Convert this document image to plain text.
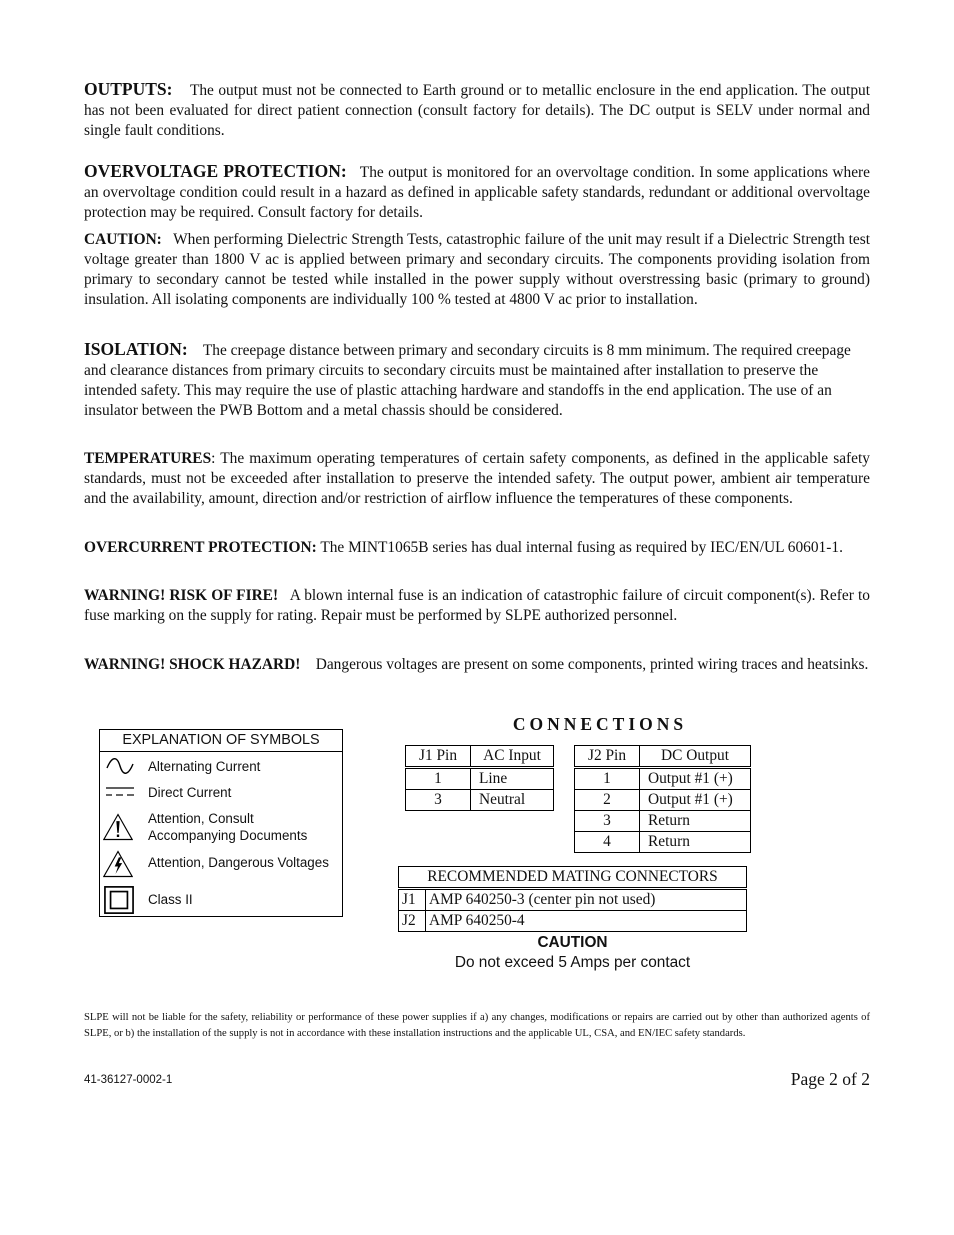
OUTPUTS: The output must not be connected to Earth ground or to metallic enclosure in the end application. The output has not been evaluated for direct patient connection (consult factory for details). The DC output is SELV under normal and single fault conditions.

OVERVOLTAGE PROTECTION: The output is monitored for an overvoltage condition. In some applications where an overvoltage condition could result in a hazard as defined in applicable safety standards, redundant or additional overvoltage protection may be required. Consult factory for details.

CAUTION: When performing Dielectric Strength Tests, catastrophic failure of the unit may result if a Dielectric Strength test voltage greater than 1800 V ac is applied between primary and secondary circuits. The components providing isolation from primary to secondary cannot be tested while installed in the power supply without overstressing basic (primary to ground) insulation. All isolating components are individually 100 % tested at 4800 V ac prior to installation.

ISOLATION: The creepage distance between primary and secondary circuits is 8 mm minimum. The required creepage and clearance distances from primary circuits to secondary circuits must be maintained after installation to preserve the intended safety. This may require the use of plastic attaching hardware and standoffs in the end application. The use of an insulator between the PWB Bottom and a metal chassis should be considered.

TEMPERATURES: The maximum operating temperatures of certain safety components, as defined in the applicable safety standards, must not be exceeded after installation to preserve the intended safety. The output power, ambient air temperature and the availability, amount, direction and/or restriction of airflow influence the temperatures of these components.

OVERCURRENT PROTECTION: The MINT1065B series has dual internal fusing as required by IEC/EN/UL 60601-1.

WARNING! RISK OF FIRE! A blown internal fuse is an indication of catastrophic failure of circuit component(s). Refer to fuse marking on the supply for rating. Repair must be performed by SLPE authorized personnel.

WARNING! SHOCK HAZARD! Dangerous voltages are present on some components, printed wiring traces and heatsinks.

EXPLANATION OF SYMBOLS
Alternating Current
Direct Current
Attention, Consult
Accompanying Documents
Attention, Dangerous Voltages
Class II
CONNECTIONS
J1 Pin	AC Input
1	Line
3	Neutral
J2 Pin	DC Output
1	Output #1 (+)
2	Output #1 (+)
3	Return
4	Return
RECOMMENDED MATING CONNECTORS	
J1	AMP 640250-3 (center pin not used)
J2	AMP 640250-4
CAUTION
Do not exceed 5 Amps per contact

SLPE will not be liable for the safety, reliability or performance of these power supplies if a) any changes, modifications or repairs are carried out by other than authorized agents of SLPE, or b) the installation of the supply is not in accordance with these installation instructions and the applicable UL, CSA, and EN/IEC safety standards.

41-36127-0002-1	Page 2 of 2
